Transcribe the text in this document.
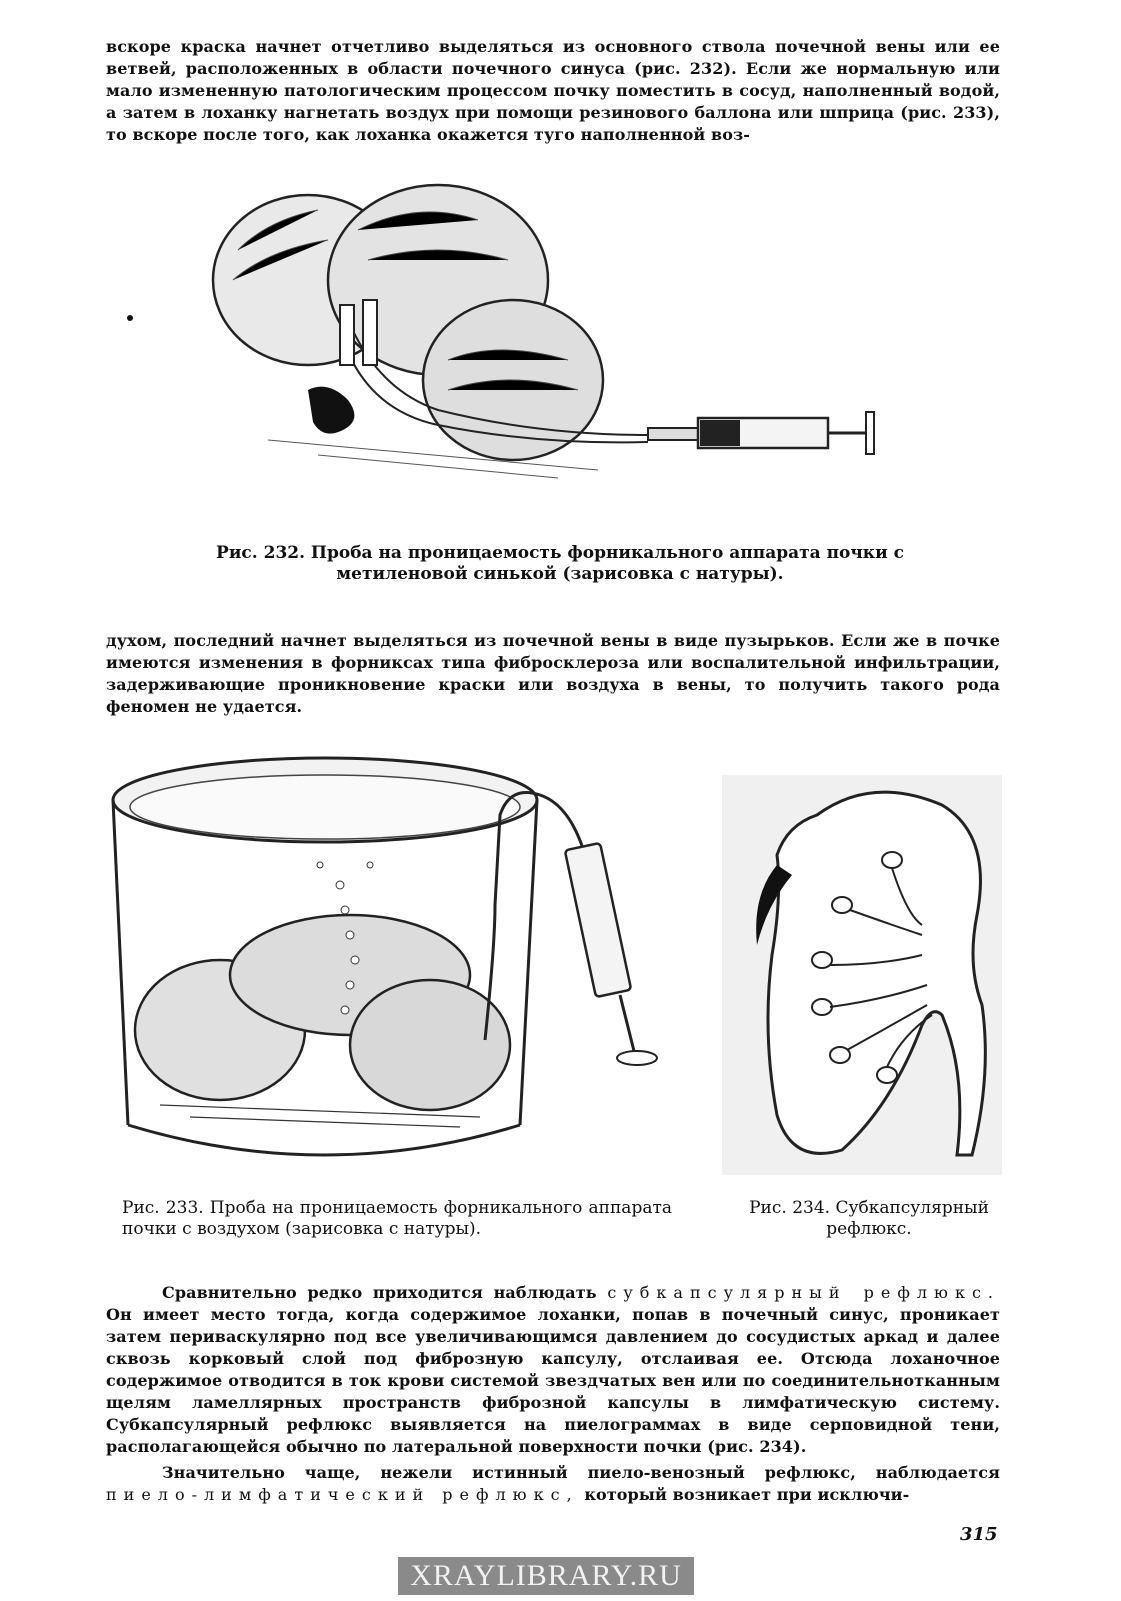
вскоре краска начнет отчетливо выделяться из основного ствола почечной вены или ее ветвей, расположенных в области почечного синуса (рис. 232). Если же нормальную или мало измененную патологическим процессом почку поместить в сосуд, наполненный водой, а затем в лоханку нагнетать воздух при помощи резинового баллона или шприца (рис. 233), то вскоре после того, как лоханка окажется туго наполненной воз-
Рис. 232. Проба на проницаемость форникального аппарата почки с метиленовой синькой (зарисовка с натуры).
духом, последний начнет выделяться из почечной вены в виде пузырьков. Если же в почке имеются изменения в форниксах типа фибросклероза или воспалительной инфильтрации, задерживающие проникновение краски или воздуха в вены, то получить такого рода феномен не удается.
Рис. 233. Проба на проницаемость форникального аппарата почки с воздухом (зарисовка с натуры).
Рис. 234. Субкапсулярный рефлюкс.
Сравнительно редко приходится наблюдать субкапсулярный рефлюкс. Он имеет место тогда, когда содержимое лоханки, попав в почечный синус, проникает затем перивaскулярно под все увеличивающимся давлением до сосудистых аркад и далее сквозь корковый слой под фиброзную капсулу, отслаивая ее. Отсюда лоханочное содержимое отводится в ток крови системой звездчатых вен или по соединительнотканным щелям ламеллярных пространств фиброзной капсулы в лимфатическую систему. Субкапсулярный рефлюкс выявляется на пиелограммах в виде серповидной тени, располагающейся обычно по латеральной поверхности почки (рис. 234).
Значительно чаще, нежели истинный пиело-венозный рефлюкс, наблюдается пиело-лимфатический рефлюкс, который возникает при исключи-
315
XRAYLIBRARY.RU
